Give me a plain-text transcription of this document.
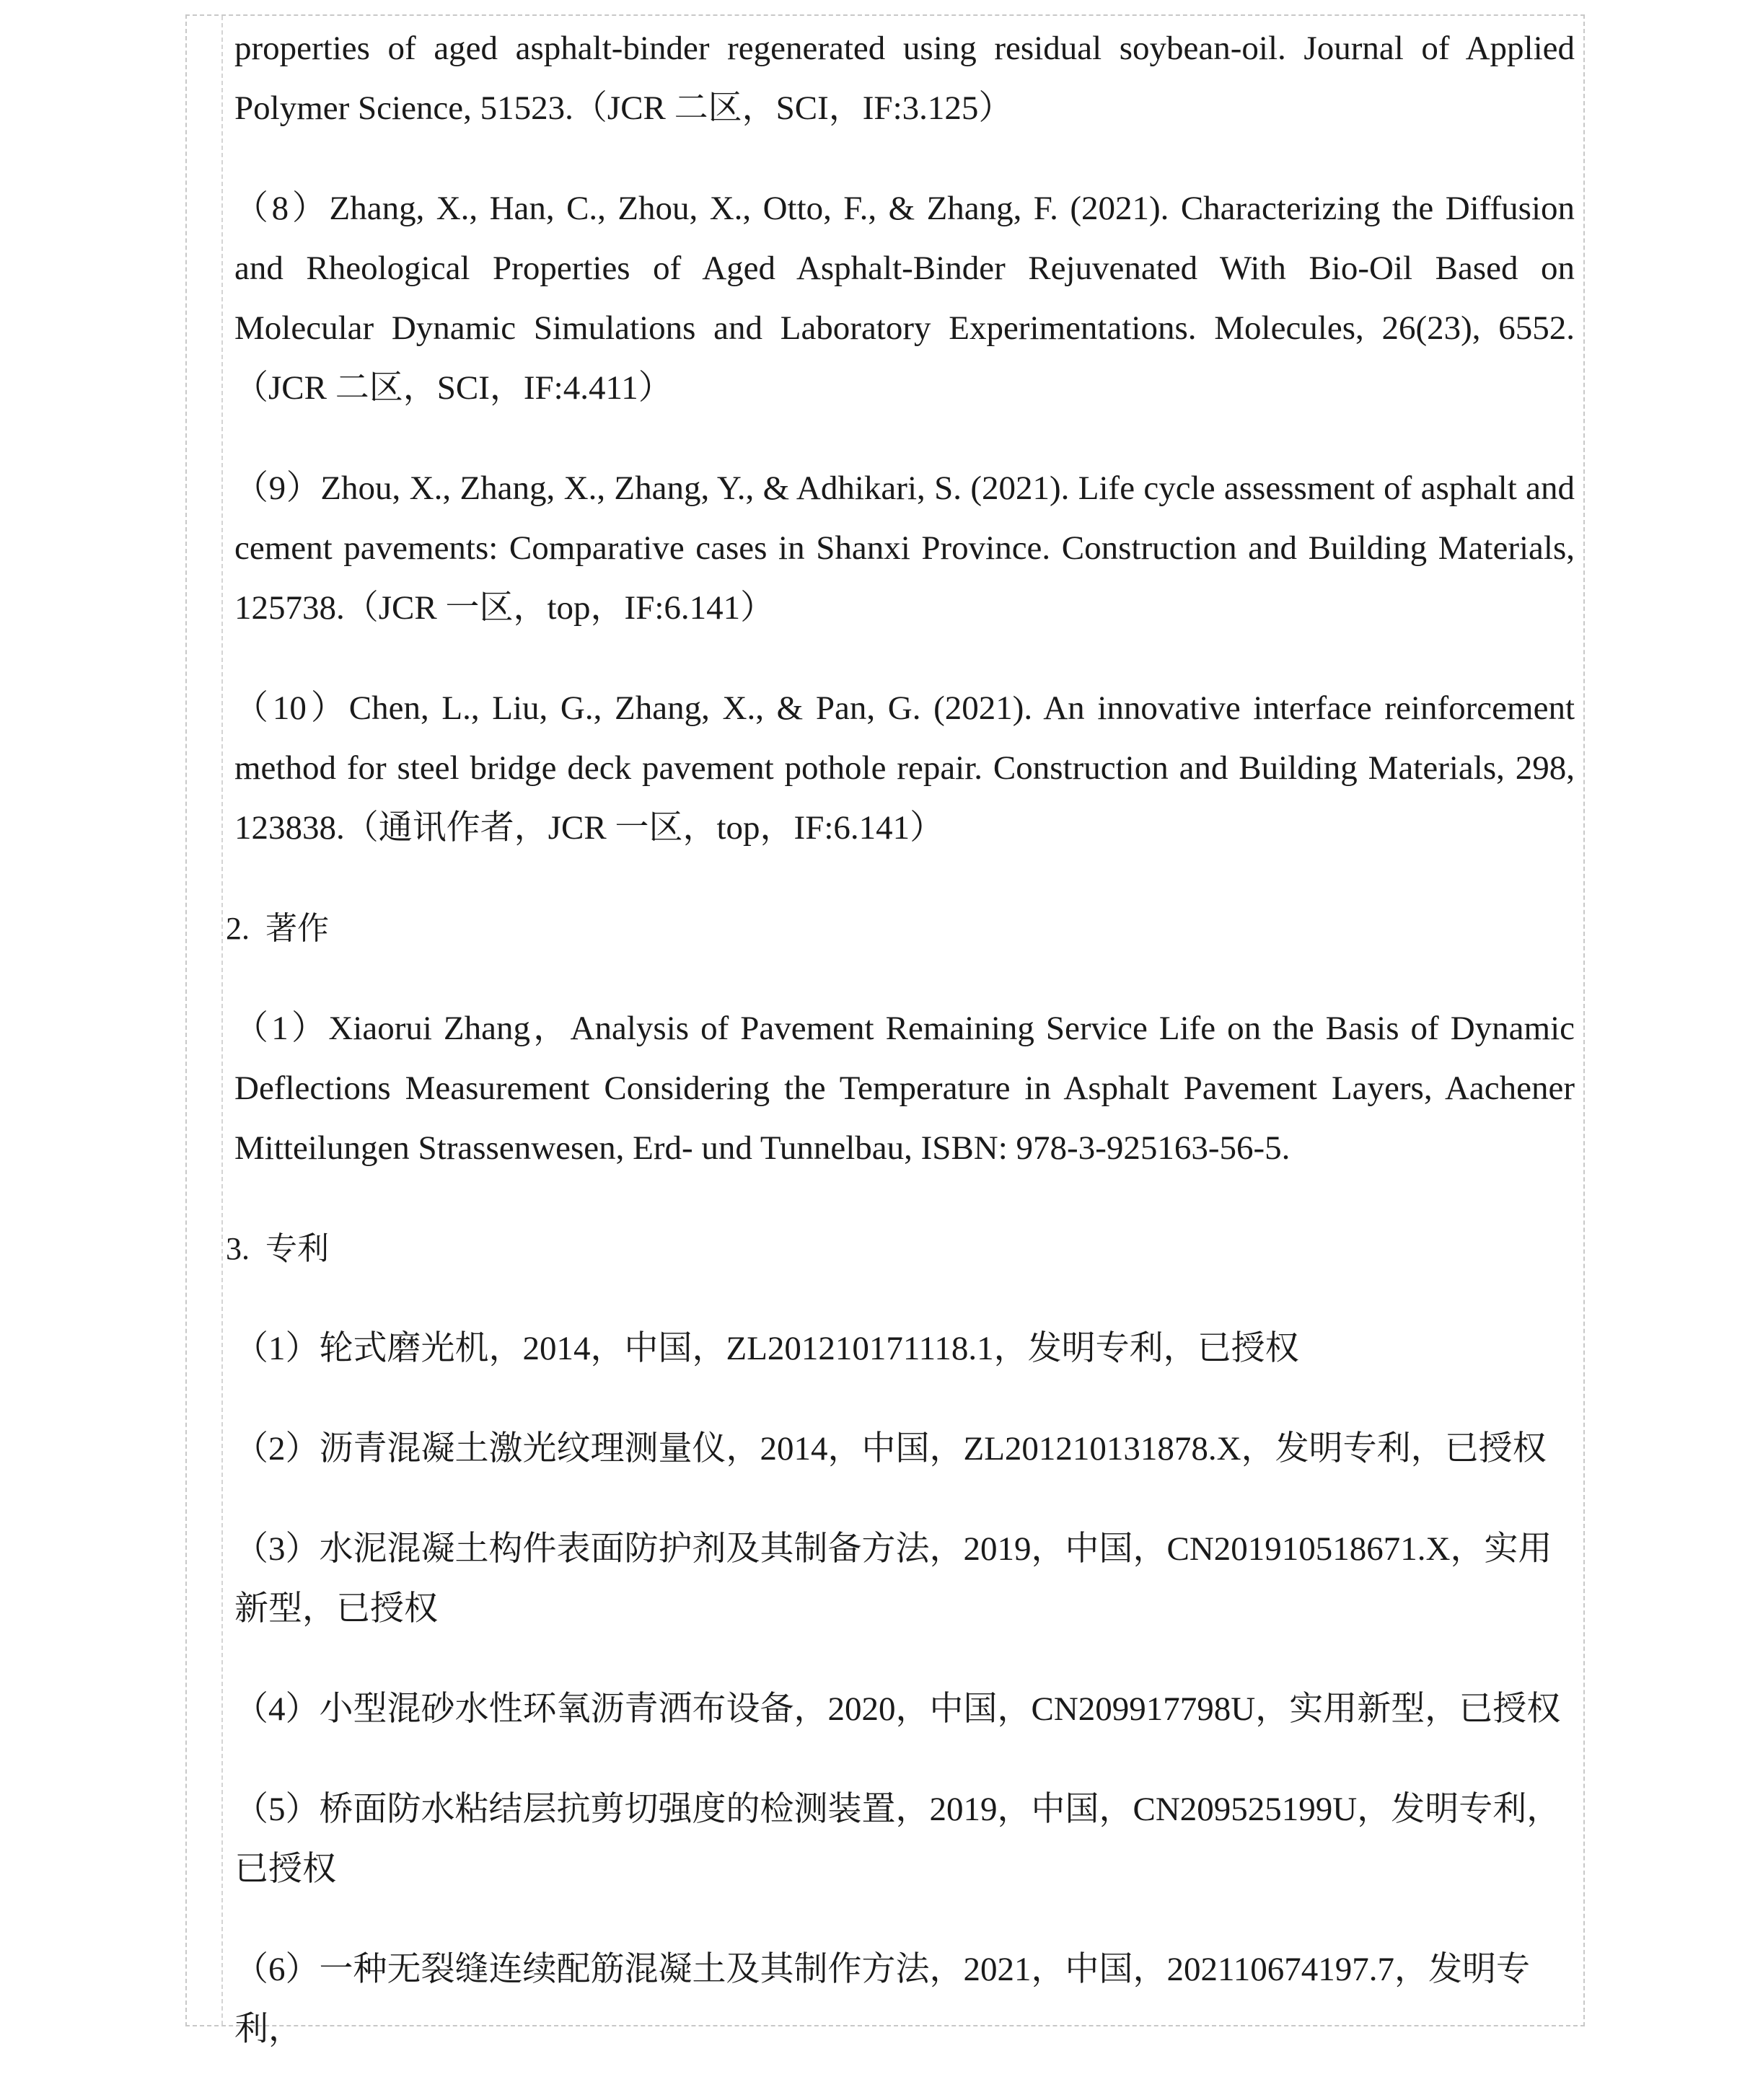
properties of aged asphalt-binder regenerated using residual soybean-oil. Journal of Applied Polymer Science, 51523.（JCR 二区，SCI，IF:3.125）

（8）Zhang, X., Han, C., Zhou, X., Otto, F., & Zhang, F. (2021). Characterizing the Diffusion and Rheological Properties of Aged Asphalt-Binder Rejuvenated With Bio-Oil Based on Molecular Dynamic Simulations and Laboratory Experimentations. Molecules, 26(23), 6552.（JCR 二区，SCI，IF:4.411）

（9）Zhou, X., Zhang, X., Zhang, Y., & Adhikari, S. (2021). Life cycle assessment of asphalt and cement pavements: Comparative cases in Shanxi Province. Construction and Building Materials, 125738.（JCR 一区，top，IF:6.141）

（10）Chen, L., Liu, G., Zhang, X., & Pan, G. (2021). An innovative interface reinforcement method for steel bridge deck pavement pothole repair. Construction and Building Materials, 298, 123838.（通讯作者，JCR 一区，top，IF:6.141）

2. 著作

（1）Xiaorui Zhang，Analysis of Pavement Remaining Service Life on the Basis of Dynamic Deflections Measurement Considering the Temperature in Asphalt Pavement Layers, Aachener Mitteilungen Strassenwesen, Erd- und Tunnelbau, ISBN: 978-3-925163-56-5.

3. 专利

（1）轮式磨光机，2014，中国，ZL201210171118.1，发明专利，已授权

（2）沥青混凝土激光纹理测量仪，2014，中国，ZL201210131878.X，发明专利，已授权

（3）水泥混凝土构件表面防护剂及其制备方法，2019，中国，CN201910518671.X，实用新型，已授权

（4）小型混砂水性环氧沥青洒布设备，2020，中国，CN209917798U，实用新型，已授权

（5）桥面防水粘结层抗剪切强度的检测装置，2019，中国，CN209525199U，发明专利，已授权

（6）一种无裂缝连续配筋混凝土及其制作方法，2021，中国，202110674197.7，发明专利，
